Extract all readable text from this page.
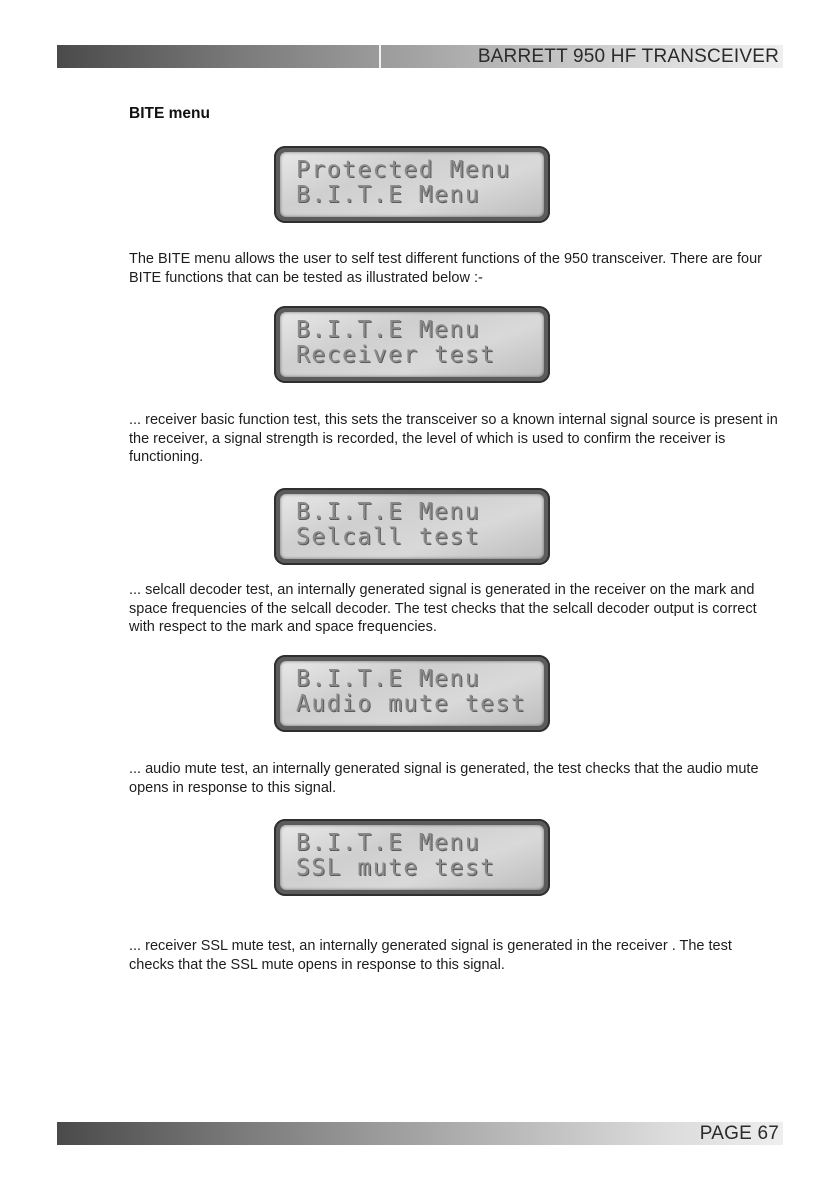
BARRETT 950 HF TRANSCEIVER
BITE menu
Protected Menu
B.I.T.E Menu
The BITE menu allows the user to self test different functions of the 950 transceiver. There are four BITE functions that can be tested as illustrated below :-
B.I.T.E Menu
Receiver test
... receiver basic function test, this sets the transceiver so a known internal signal source is present in the receiver, a signal strength is recorded, the level of which is used to confirm the receiver is functioning.
B.I.T.E Menu
Selcall test
... selcall decoder test, an internally generated signal is generated in the receiver on the mark and space frequencies of the selcall decoder. The test checks that the selcall decoder output is correct with respect to the mark and space frequencies.
B.I.T.E Menu
Audio mute test
... audio mute test, an internally generated signal is generated, the test checks that the audio mute opens in response to this signal.
B.I.T.E Menu
SSL mute test
... receiver SSL mute test, an internally generated signal is generated in the receiver . The test checks that the SSL mute opens in response to this signal.
PAGE 67
